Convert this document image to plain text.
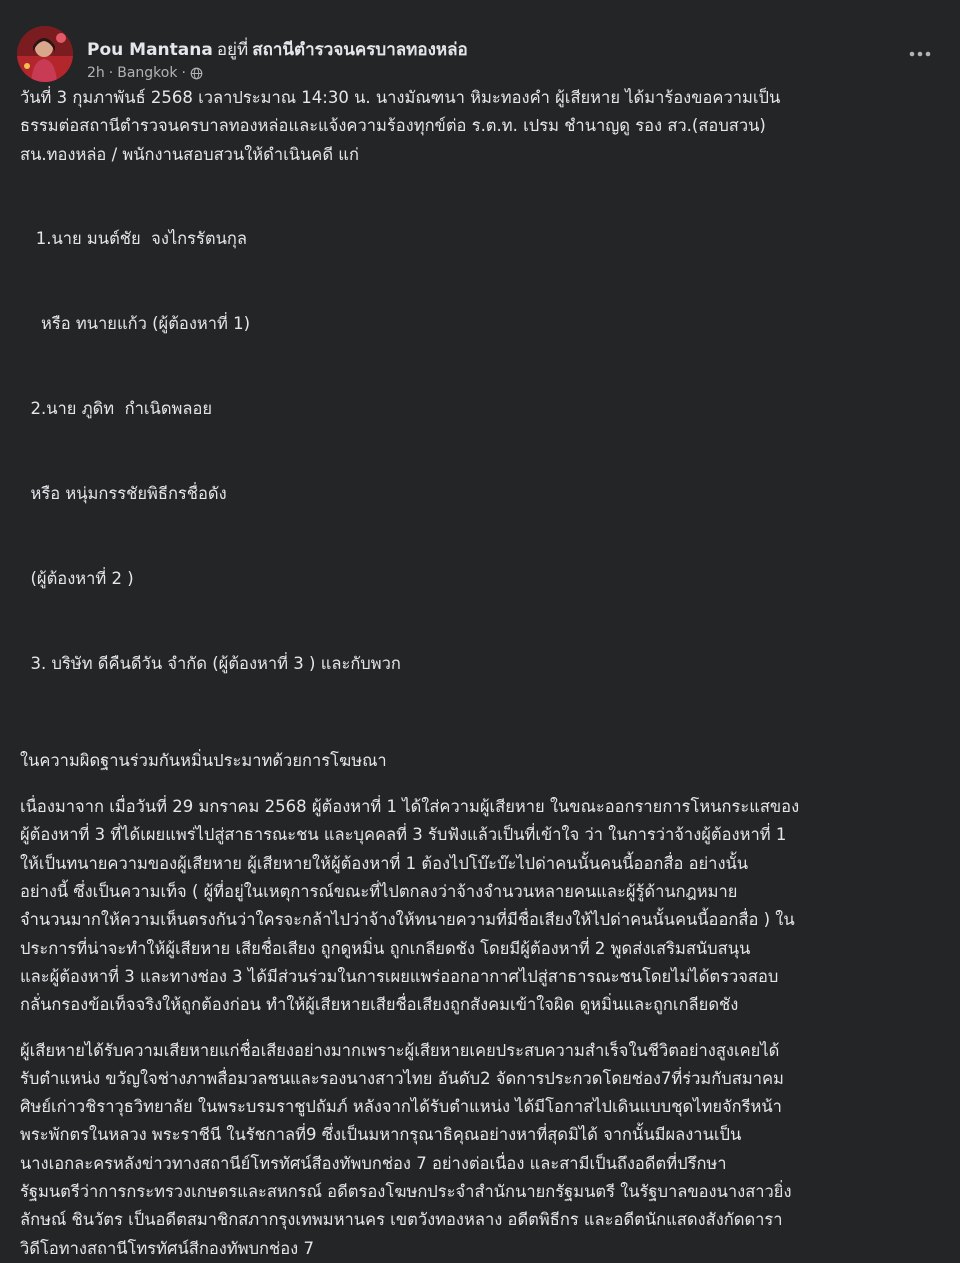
Pou Mantana อยู่ที่ สถานีตำรวจนครบาลทองหล่อ
2h · Bangkok ·

วันที่ 3 กุมภาพันธ์ 2568 เวลาประมาณ 14:30 น. นางมัณฑนา หิมะทองคำ ผู้เสียหาย ได้มาร้องขอความเป็น
ธรรมต่อสถานีตำรวจนครบาลทองหล่อและแจ้งความร้องทุกข์ต่อ ร.ต.ท. เปรม ชำนาญดู รอง สว.(สอบสวน)
สน.ทองหล่อ / พนักงานสอบสวนให้ดำเนินคดี แก่

1.นาย มนต์ชัย  จงไกรรัตนกุล

หรือ ทนายแก้ว (ผู้ต้องหาที่ 1)

2.นาย ภูดิท  กำเนิดพลอย

หรือ หนุ่มกรรชัยพิธีกรชื่อดัง

(ผู้ต้องหาที่ 2 )

3. บริษัท ดีคืนดีวัน จำกัด (ผู้ต้องหาที่ 3 ) และกับพวก

ในความผิดฐานร่วมกันหมิ่นประมาทด้วยการโฆษณา

เนื่องมาจาก เมื่อวันที่ 29 มกราคม 2568 ผู้ต้องหาที่ 1 ได้ใส่ความผู้เสียหาย ในขณะออกรายการโหนกระแสของ
ผู้ต้องหาที่ 3 ที่ได้เผยแพร่ไปสู่สาธารณะชน และบุคคลที่ 3 รับฟังแล้วเป็นที่เข้าใจ ว่า ในการว่าจ้างผู้ต้องหาที่ 1
ให้เป็นทนายความของผู้เสียหาย ผู้เสียหายให้ผู้ต้องหาที่ 1 ต้องไปโบ๊ะบ๊ะไปด่าคนนั้นคนนี้ออกสื่อ อย่างนั้น
อย่างนี้ ซึ่งเป็นความเท็จ ( ผู้ที่อยู่ในเหตุการณ์ขณะที่ไปตกลงว่าจ้างจำนวนหลายคนและผู้รู้ด้านกฎหมาย
จำนวนมากให้ความเห็นตรงกันว่าใครจะกล้าไปว่าจ้างให้ทนายความที่มีชื่อเสียงให้ไปด่าคนนั้นคนนี้ออกสื่อ ) ใน
ประการที่น่าจะทำให้ผู้เสียหาย เสียชื่อเสียง ถูกดูหมิ่น ถูกเกลียดชัง โดยมีผู้ต้องหาที่ 2 พูดส่งเสริมสนับสนุน
และผู้ต้องหาที่ 3 และทางช่อง 3 ได้มีส่วนร่วมในการเผยแพร่ออกอากาศไปสู่สาธารณะชนโดยไม่ได้ตรวจสอบ
กลั่นกรองข้อเท็จจริงให้ถูกต้องก่อน ทำให้ผู้เสียหายเสียชื่อเสียงถูกสังคมเข้าใจผิด ดูหมิ่นและถูกเกลียดชัง

ผู้เสียหายได้รับความเสียหายแก่ชื่อเสียงอย่างมากเพราะผู้เสียหายเคยประสบความสำเร็จในชีวิตอย่างสูงเคยได้
รับตำแหน่ง ขวัญใจช่างภาพสื่อมวลชนและรองนางสาวไทย อันดับ2 จัดการประกวดโดยช่อง7ที่ร่วมกับสมาคม
ศิษย์เก่าวชิราวุธวิทยาลัย ในพระบรมราชูปถัมภ์ หลังจากได้รับตำแหน่ง ได้มีโอกาสไปเดินแบบชุดไทยจักรีหน้า
พระพักตรในหลวง พระราชีนี ในรัชกาลที่9 ซึ่งเป็นมหากรุณาธิคุณอย่างหาที่สุดมิได้ จากนั้นมีผลงานเป็น
นางเอกละครหลังข่าวทางสถานีย์โทรทัศน์สีองทัพบกช่อง 7 อย่างต่อเนื่อง และสามีเป็นถึงอดีตที่ปรึกษา
รัฐมนตรีว่าการกระทรวงเกษตรและสหกรณ์ อดีตรองโฆษกประจำสำนักนายกรัฐมนตรี ในรัฐบาลของนางสาวยิ่ง
ลักษณ์ ชินวัตร เป็นอดีตสมาชิกสภากรุงเทพมหานคร เขตวังทองหลาง อดีตพิธีกร และอดีตนักแสดงสังกัดดารา
วิดีโอทางสถานีโทรทัศน์สีกองทัพบกช่อง 7
